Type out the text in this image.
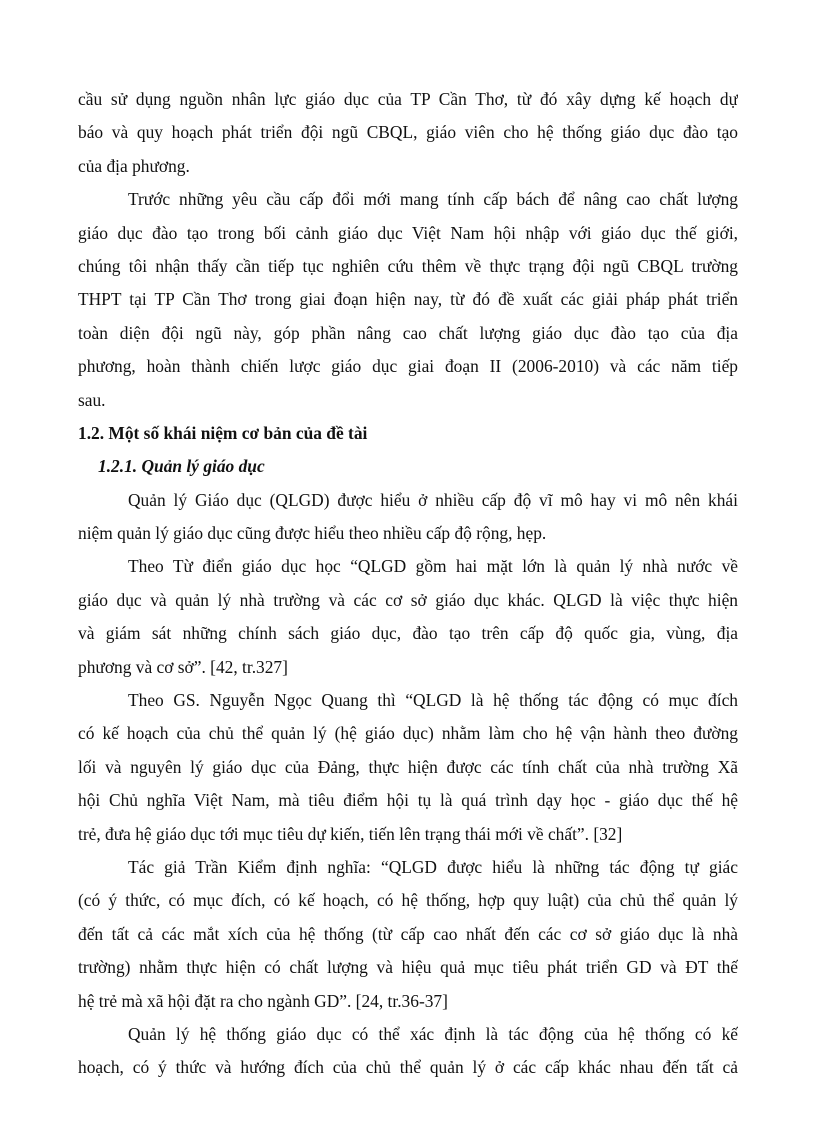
cầu sử dụng nguồn nhân lực giáo dục của TP Cần Thơ, từ đó xây dựng kế hoạch dự
báo và quy hoạch phát triển đội ngũ CBQL, giáo viên cho hệ thống giáo dục đào tạo
của địa phương.
Trước những yêu cầu cấp đổi mới mang tính cấp bách để nâng cao chất lượng
giáo dục đào tạo trong bối cảnh giáo dục Việt Nam hội nhập với giáo dục thế giới,
chúng tôi nhận thấy cần tiếp tục nghiên cứu thêm về thực trạng đội ngũ CBQL trường
THPT tại TP Cần Thơ trong giai đoạn hiện nay, từ đó đề xuất các giải pháp phát triển
toàn diện đội ngũ này, góp phần nâng cao chất lượng giáo dục đào tạo của địa
phương, hoàn thành chiến lược giáo dục giai đoạn II (2006-2010) và các năm tiếp
sau.
1.2. Một số khái niệm cơ bản của đề tài
1.2.1. Quản lý giáo dục
Quản lý Giáo dục (QLGD) được hiểu ở nhiều cấp độ vĩ mô hay vi mô nên khái
niệm quản lý giáo dục cũng được hiểu theo nhiều cấp độ rộng, hẹp.
Theo Từ điển giáo dục học “QLGD gồm hai mặt lớn là quản lý nhà nước về
giáo dục và quản lý nhà trường và các cơ sở giáo dục khác. QLGD là việc thực hiện
và giám sát những chính sách giáo dục, đào tạo trên cấp độ quốc gia, vùng, địa
phương và cơ sở”. [42, tr.327]
Theo GS. Nguyễn Ngọc Quang thì “QLGD là hệ thống tác động có mục đích
có kế hoạch của chủ thể quản lý (hệ giáo dục) nhằm làm cho hệ vận hành theo đường
lối và nguyên lý giáo dục của Đảng, thực hiện được các tính chất của nhà trường Xã
hội Chủ nghĩa Việt Nam, mà tiêu điểm hội tụ là quá trình dạy học - giáo dục thế hệ
trẻ, đưa hệ giáo dục tới mục tiêu dự kiến, tiến lên trạng thái mới về chất”. [32]
Tác giả Trần Kiểm định nghĩa: “QLGD được hiểu là những tác động tự giác
(có ý thức, có mục đích, có kế hoạch, có hệ thống, hợp quy luật) của chủ thể quản lý
đến tất cả các mắt xích của hệ thống (từ cấp cao nhất đến các cơ sở giáo dục là nhà
trường) nhằm thực hiện có chất lượng và hiệu quả mục tiêu phát triển GD và ĐT thế
hệ trẻ mà xã hội đặt ra cho ngành GD”. [24, tr.36-37]
Quản lý hệ thống giáo dục có thể xác định là tác động của hệ thống có kế
hoạch, có ý thức và hướng đích của chủ thể quản lý ở các cấp khác nhau đến tất cả
